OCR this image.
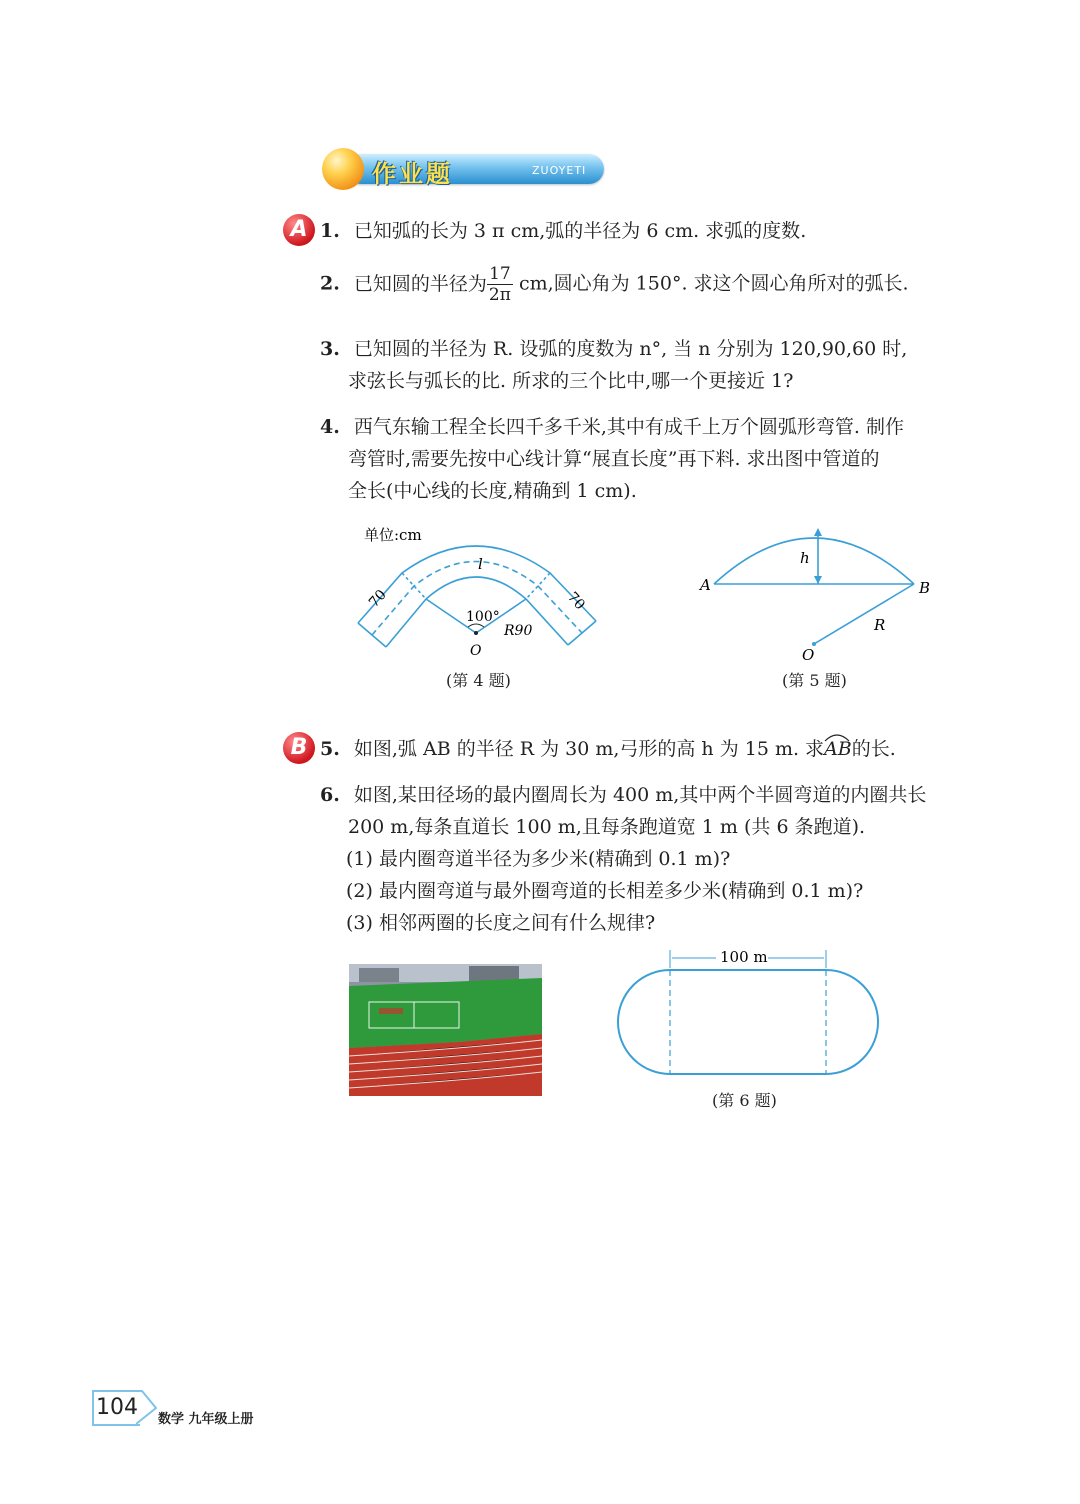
作业题	ZUOYETI
A 1. 已知弧的长为 3 π cm,弧的半径为 6 cm. 求弧的度数.
2. 已知圆的半径为 $\frac{17}{2\pi}$ cm,圆心角为 150°. 求这个圆心角所对的弧长.
3. 已知圆的半径为 R. 设弧的度数为 n°, 当 n 分别为 120,90,60 时,
求弦长与弧长的比. 所求的三个比中,哪一个更接近 1?
4. 西气东输工程全长四千多千米,其中有成千上万个圆弧形弯管. 制作
弯管时,需要先按中心线计算“展直长度”再下料. 求出图中管道的
全长(中心线的长度,精确到 1 cm).
单位:cm
l
70	70
100°
R90
O
(第 4 题)
h
A	B
R
O
(第 5 题)
B 5. 如图,弧 AB 的半径 R 为 30 m,弓形的高 h 为 15 m. 求AB
的长.
6. 如图,某田径场的最内圈周长为 400 m,其中两个半圆弯道的内圈共长
200 m,每条直道长 100 m,且每条跑道宽 1 m (共 6 条跑道).
(1) 最内圈弯道半径为多少米(精确到 0.1 m)?
(2) 最内圈弯道与最外圈弯道的长相差多少米(精确到 0.1 m)?
(3) 相邻两圈的长度之间有什么规律?
100 m
(第 6 题)
104 数学 九年级上册
